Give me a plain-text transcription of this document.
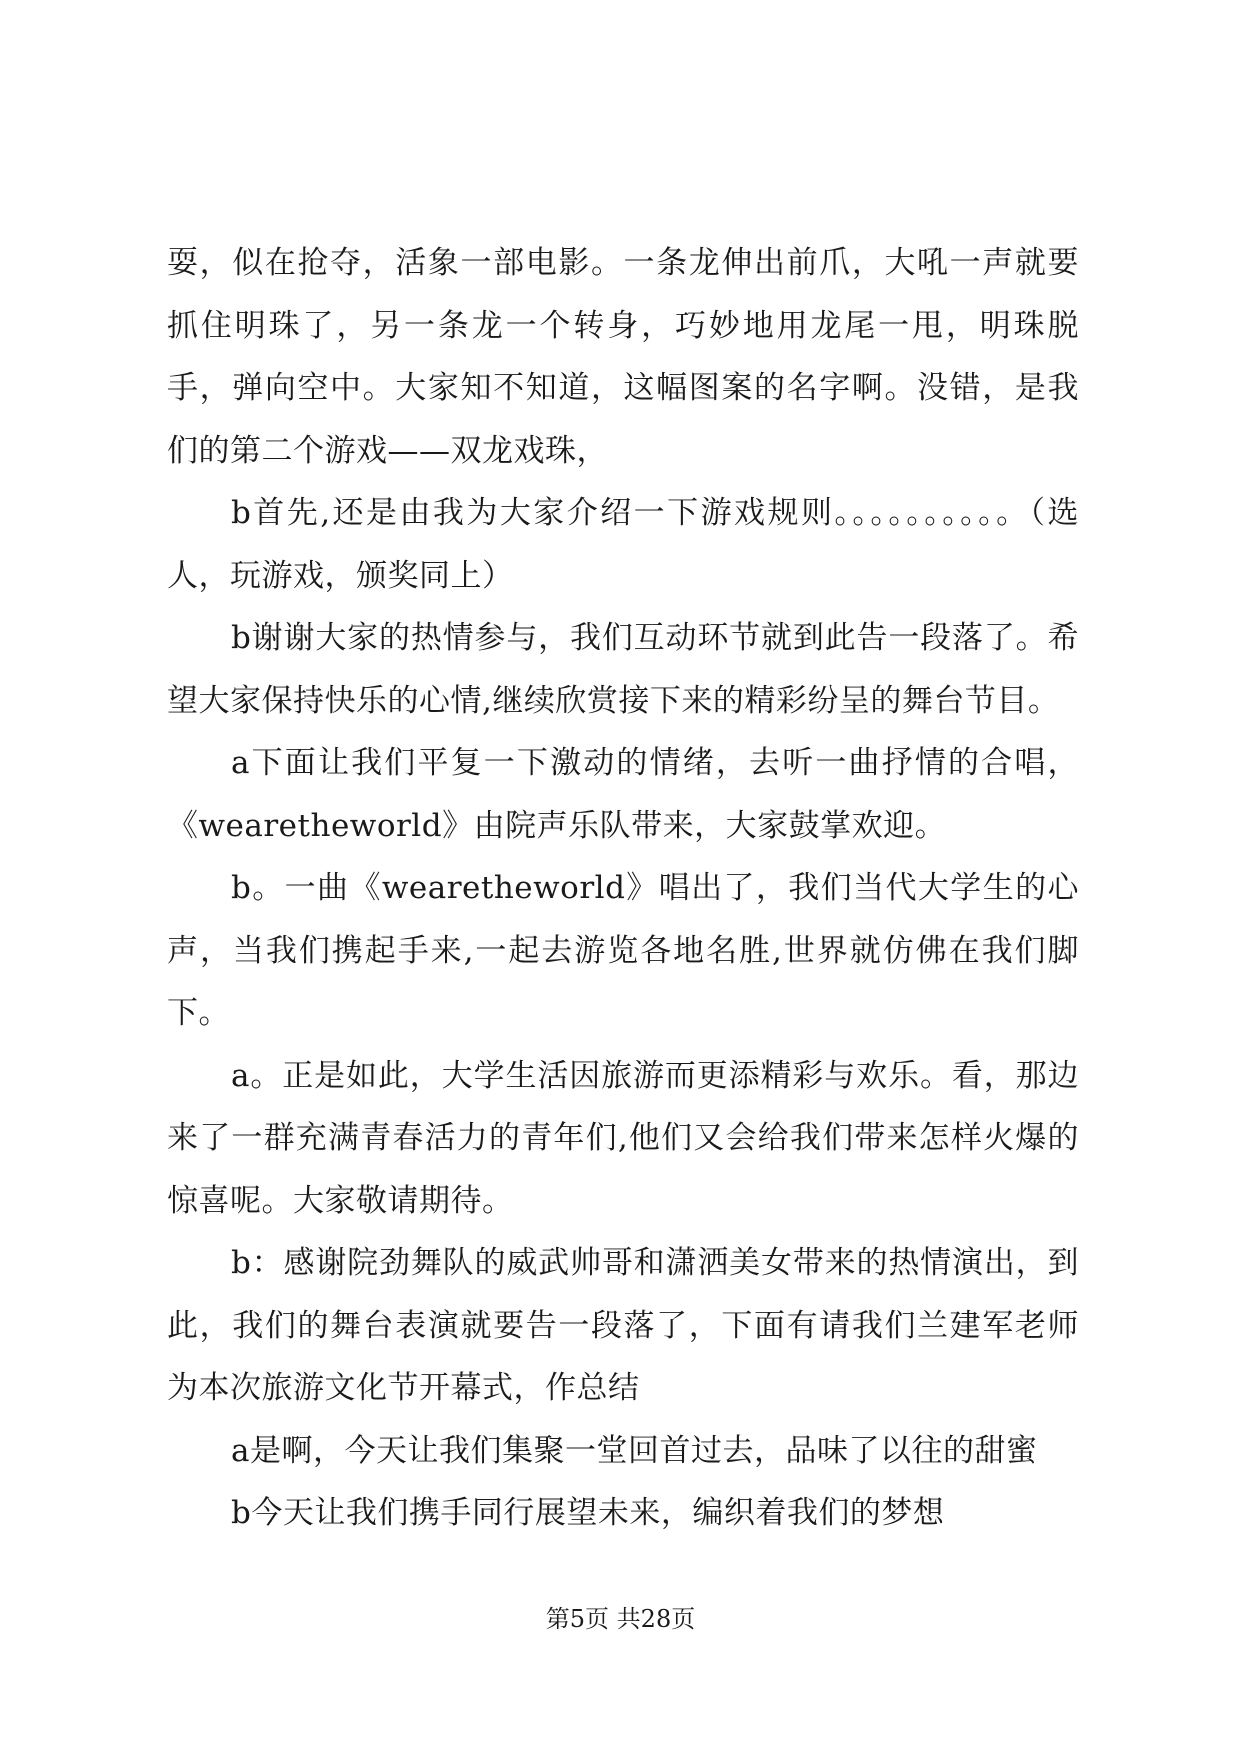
耍，似在抢夺，活象一部电影。一条龙伸出前爪，大吼一声就要抓住明珠了，另一条龙一个转身，巧妙地用龙尾一甩，明珠脱手，弹向空中。大家知不知道，这幅图案的名字啊。没错，是我们的第二个游戏——双龙戏珠，

b首先,还是由我为大家介绍一下游戏规则。。。。。。。。。。（选人，玩游戏，颁奖同上）

b谢谢大家的热情参与，我们互动环节就到此告一段落了。希望大家保持快乐的心情,继续欣赏接下来的精彩纷呈的舞台节目。

a下面让我们平复一下激动的情绪，去听一曲抒情的合唱，《wearetheworld》由院声乐队带来，大家鼓掌欢迎。

b。一曲《wearetheworld》唱出了，我们当代大学生的心声，当我们携起手来,一起去游览各地名胜,世界就仿佛在我们脚下。

a。正是如此，大学生活因旅游而更添精彩与欢乐。看，那边来了一群充满青春活力的青年们,他们又会给我们带来怎样火爆的惊喜呢。大家敬请期待。

b：感谢院劲舞队的威武帅哥和潇洒美女带来的热情演出，到此，我们的舞台表演就要告一段落了，下面有请我们兰建军老师为本次旅游文化节开幕式，作总结

a是啊，今天让我们集聚一堂回首过去，品味了以往的甜蜜

b今天让我们携手同行展望未来，编织着我们的梦想

第5页 共28页
